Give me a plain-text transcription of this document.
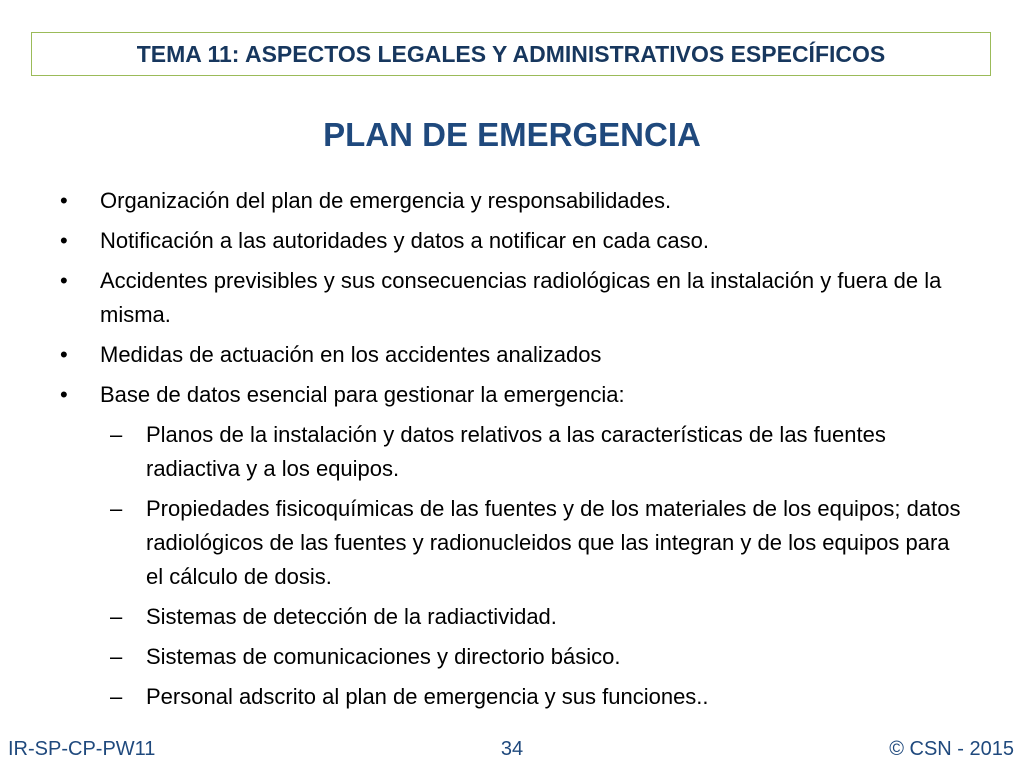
TEMA 11: ASPECTOS LEGALES Y ADMINISTRATIVOS ESPECÍFICOS
PLAN DE EMERGENCIA
• Organización del plan de emergencia y responsabilidades.
• Notificación a las autoridades y datos a notificar en cada caso.
• Accidentes previsibles y sus consecuencias radiológicas en la instalación y fuera de la misma.
• Medidas de actuación en los accidentes analizados
• Base de datos esencial para gestionar la emergencia:
– Planos de la instalación y datos relativos a las características de las fuentes radiactiva y a los equipos.
– Propiedades fisicoquímicas de las fuentes y de los materiales de los equipos; datos radiológicos de las fuentes y radionucleidos que las integran y de los equipos para el cálculo de dosis.
– Sistemas de detección de la radiactividad.
– Sistemas de comunicaciones y directorio básico.
– Personal adscrito al plan de emergencia y sus funciones..
IR-SP-CP-PW11	34	© CSN - 2015
